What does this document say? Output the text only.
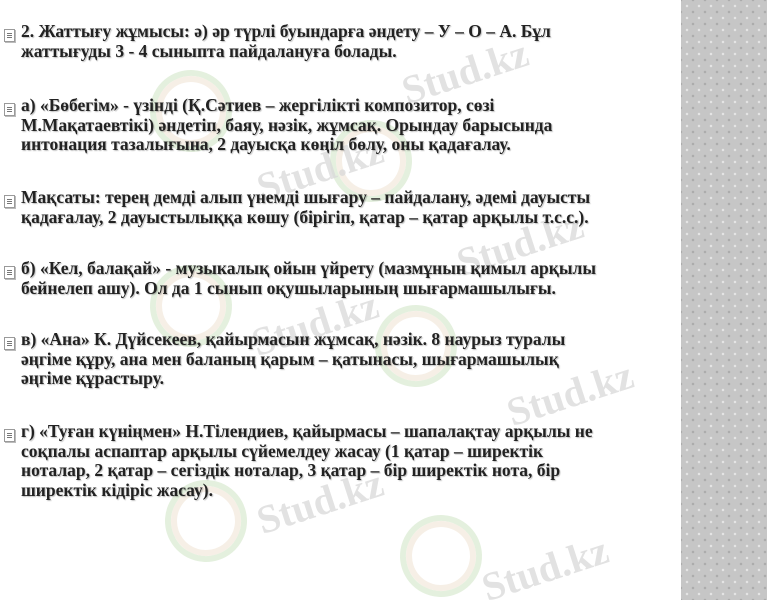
Stud.kz
Stud.kz
Stud.kz
Stud.kz
Stud.kz
Stud.kz
Stud.kz

2. Жаттығу жұмысы: ә) әр түрлі буындарға әндету – У – О – А. Бұл
жаттығуды 3 - 4 сыныпта пайдалануға болады.

а) «Бөбегім» - үзінді (Қ.Сәтиев – жергілікті композитор, сөзі
М.Мақатаевтікі) әндетіп, баяу, нәзік, жұмсақ. Орындау барысында
интонация тазалығына, 2 дауысқа көңіл бөлу, оны қадағалау.

Мақсаты: терең демді алып үнемді шығару – пайдалану, әдемі дауысты
қадағалау, 2 дауыстылыққа көшу (бірігіп, қатар – қатар арқылы т.с.с.).

б) «Кел, балақай» - музыкалық ойын үйрету (мазмұнын қимыл арқылы
бейнелеп ашу). Ол да 1 сынып оқушыларының шығармашылығы.

в) «Ана» К. Дүйсекеев, қайырмасын жұмсақ, нәзік. 8 наурыз туралы
әңгіме құру, ана мен баланың қарым – қатынасы, шығармашылық
әңгіме құрастыру.

г) «Туған күніңмен» Н.Тілендиев, қайырмасы – шапалақтау арқылы не
соқпалы аспаптар арқылы сүйемелдеу жасау (1 қатар – ширектік
ноталар, 2 қатар – сегіздік ноталар, 3 қатар – бір ширектік нота, бір
ширектік кідіріс жасау).
